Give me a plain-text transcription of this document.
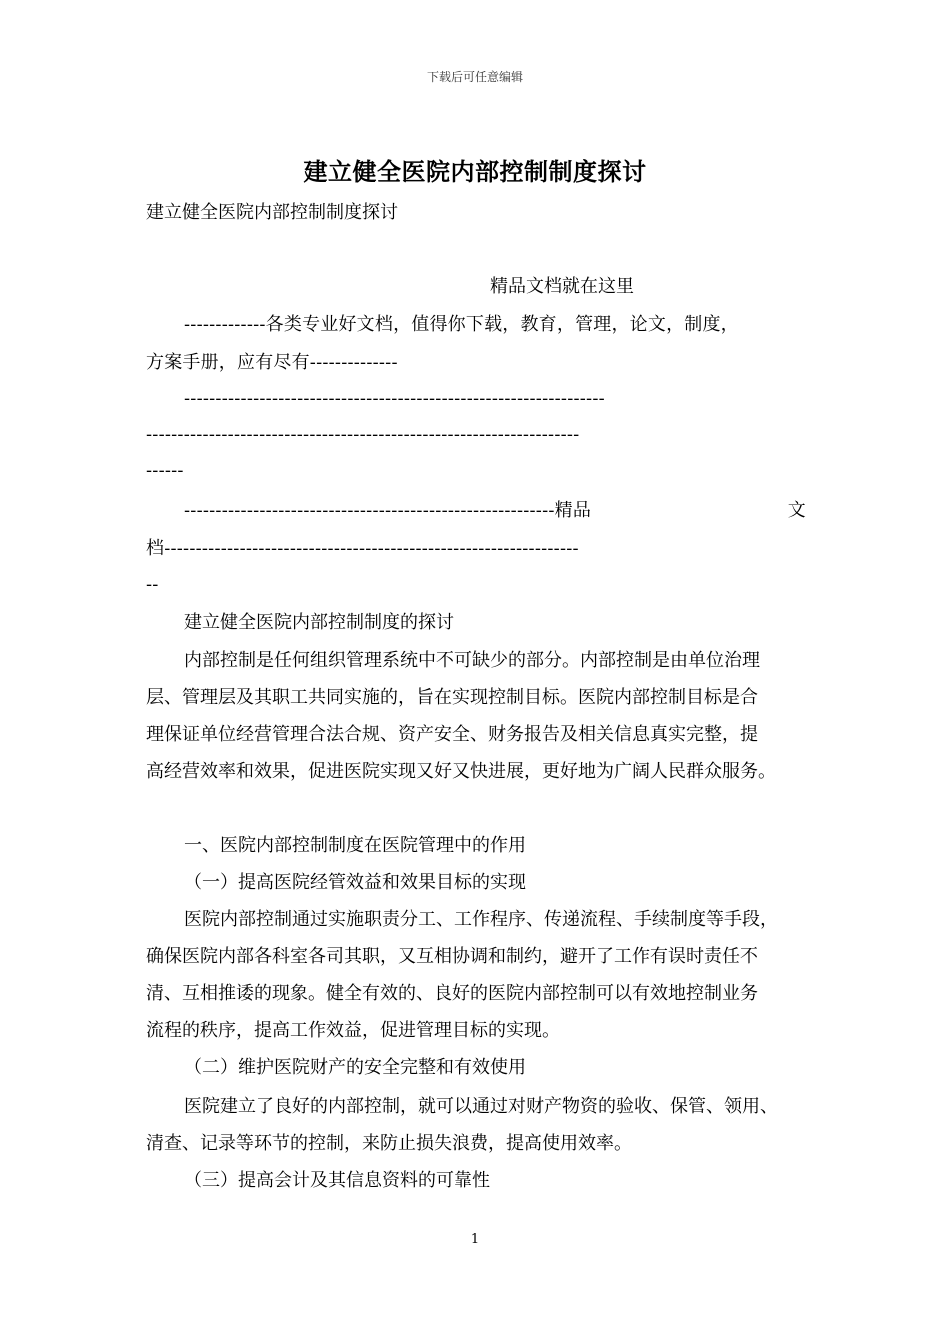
下载后可任意编辑
建立健全医院内部控制制度探讨
建立健全医院内部控制制度探讨
精品文档就在这里
-------------各类专业好文档，值得你下载，教育，管理，论文，制度，
方案手册，应有尽有--------------
-------------------------------------------------------------------
---------------------------------------------------------------------
------
-----------------------------------------------------------精品	文
档------------------------------------------------------------------
--
建立健全医院内部控制制度的探讨
内部控制是任何组织管理系统中不可缺少的部分。内部控制是由单位治理
层、管理层及其职工共同实施的，旨在实现控制目标。医院内部控制目标是合
理保证单位经营管理合法合规、资产安全、财务报告及相关信息真实完整，提
高经营效率和效果，促进医院实现又好又快进展，更好地为广阔人民群众服务。
一、医院内部控制制度在医院管理中的作用
（一）提高医院经管效益和效果目标的实现
医院内部控制通过实施职责分工、工作程序、传递流程、手续制度等手段，
确保医院内部各科室各司其职，又互相协调和制约，避开了工作有误时责任不
清、互相推诿的现象。健全有效的、良好的医院内部控制可以有效地控制业务
流程的秩序，提高工作效益，促进管理目标的实现。
（二）维护医院财产的安全完整和有效使用
医院建立了良好的内部控制，就可以通过对财产物资的验收、保管、领用、
清查、记录等环节的控制，来防止损失浪费，提高使用效率。
（三）提高会计及其信息资料的可靠性
1
